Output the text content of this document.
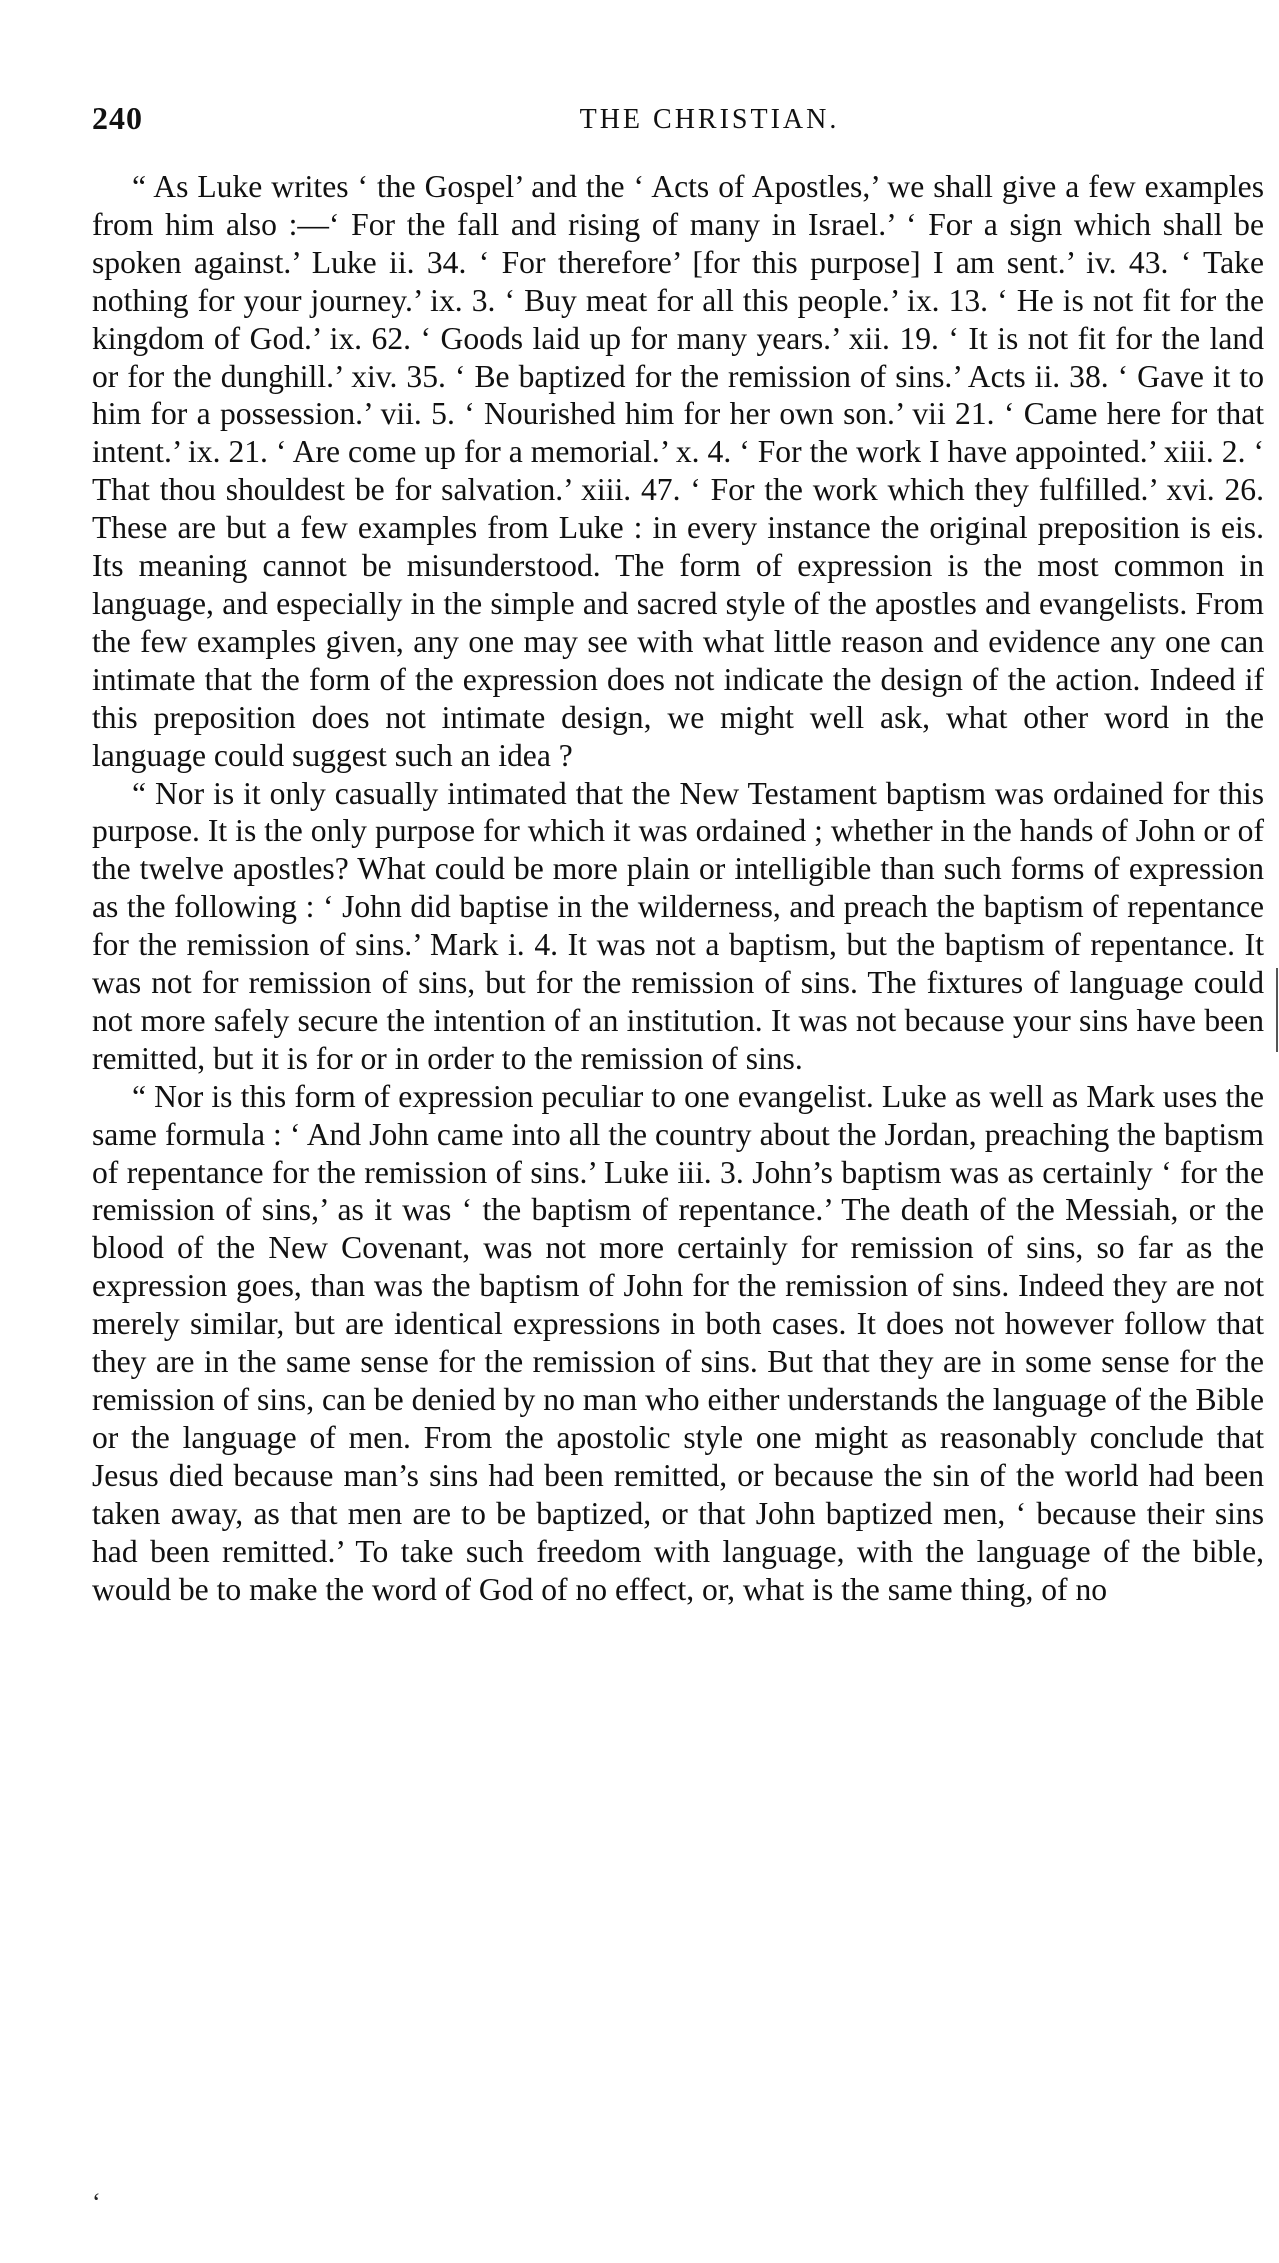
240	THE CHRISTIAN.

“ As Luke writes ‘ the Gospel’ and the ‘ Acts of Apostles,’ we shall give a few examples from him also :—‘ For the fall and rising of many in Israel.’ ‘ For a sign which shall be spoken against.’ Luke ii. 34. ‘ For therefore’ [for this purpose] I am sent.’ iv. 43. ‘ Take nothing for your journey.’ ix. 3. ‘ Buy meat for all this people.’ ix. 13. ‘ He is not fit for the kingdom of God.’ ix. 62. ‘ Goods laid up for many years.’ xii. 19. ‘ It is not fit for the land or for the dunghill.’ xiv. 35. ‘ Be baptized for the remission of sins.’ Acts ii. 38. ‘ Gave it to him for a possession.’ vii. 5. ‘ Nourished him for her own son.’ vii 21. ‘ Came here for that intent.’ ix. 21. ‘ Are come up for a memorial.’ x. 4. ‘ For the work I have appointed.’ xiii. 2. ‘ That thou shouldest be for salvation.’ xiii. 47. ‘ For the work which they fulfilled.’ xvi. 26. These are but a few examples from Luke : in every instance the original preposition is eis. Its meaning cannot be misunderstood. The form of expression is the most common in language, and especially in the simple and sacred style of the apostles and evangelists. From the few examples given, any one may see with what little reason and evidence any one can intimate that the form of the expression does not indicate the design of the action. Indeed if this preposition does not intimate design, we might well ask, what other word in the language could suggest such an idea ?

“ Nor is it only casually intimated that the New Testament baptism was ordained for this purpose. It is the only purpose for which it was ordained ; whether in the hands of John or of the twelve apostles? What could be more plain or intelligible than such forms of expression as the following : ‘ John did baptise in the wilderness, and preach the baptism of repentance for the remission of sins.’ Mark i. 4. It was not a baptism, but the baptism of repentance. It was not for remission of sins, but for the remission of sins. The fixtures of language could not more safely secure the intention of an institution. It was not because your sins have been remitted, but it is for or in order to the remission of sins.

“ Nor is this form of expression peculiar to one evangelist. Luke as well as Mark uses the same formula : ‘ And John came into all the country about the Jordan, preaching the baptism of repentance for the remission of sins.’ Luke iii. 3. John’s baptism was as certainly ‘ for the remission of sins,’ as it was ‘ the baptism of repentance.’ The death of the Messiah, or the blood of the New Covenant, was not more certainly for remission of sins, so far as the expression goes, than was the baptism of John for the remission of sins. Indeed they are not merely similar, but are identical expressions in both cases. It does not however follow that they are in the same sense for the remission of sins. But that they are in some sense for the remission of sins, can be denied by no man who either understands the language of the Bible or the language of men. From the apostolic style one might as reasonably conclude that Jesus died because man’s sins had been remitted, or because the sin of the world had been taken away, as that men are to be baptized, or that John baptized men, ‘ because their sins had been remitted.’ To take such freedom with language, with the language of the bible, would be to make the word of God of no effect, or, what is the same thing, of no

ʻ
